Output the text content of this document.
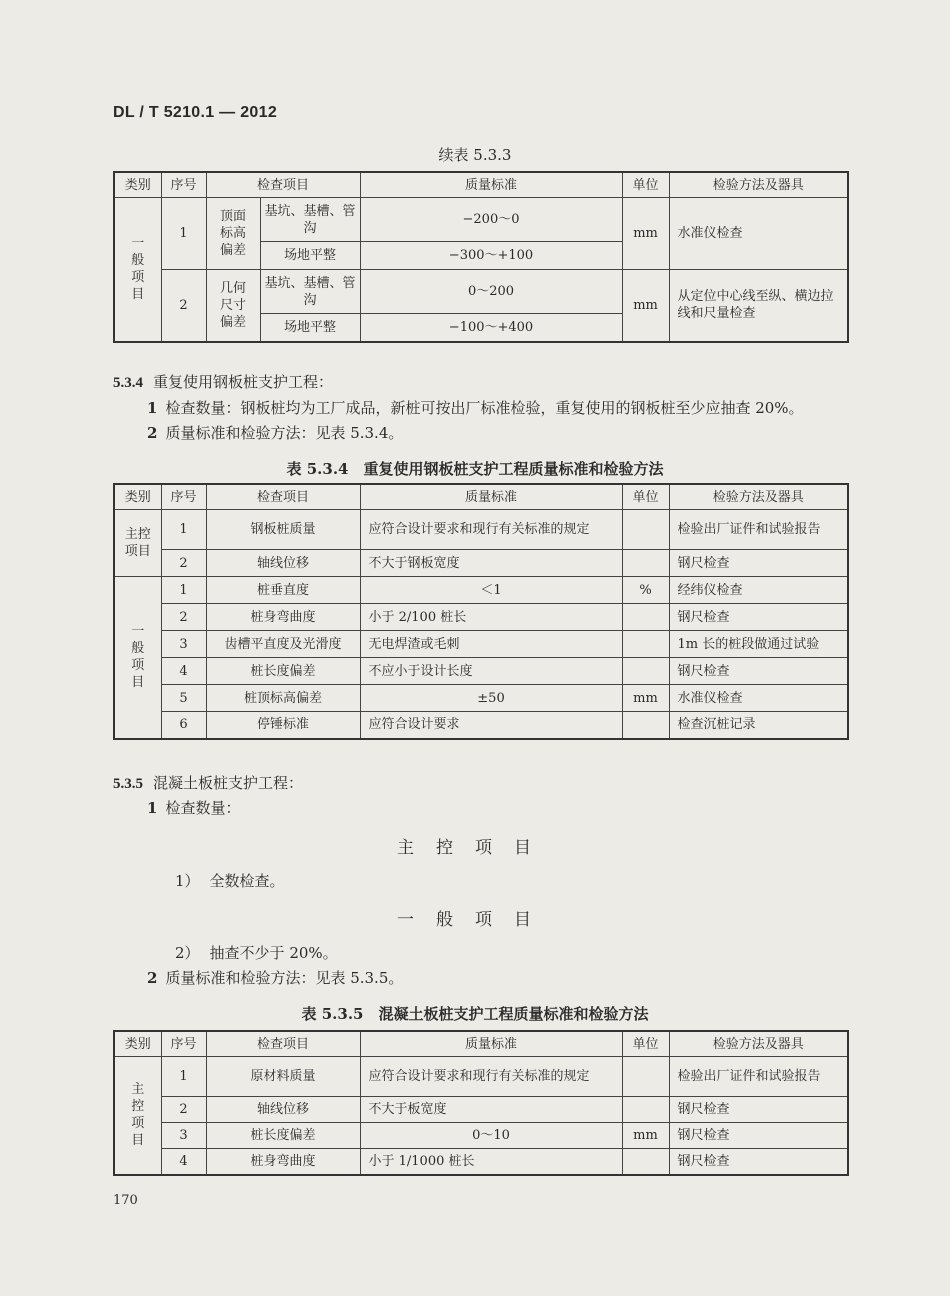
DL / T 5210.1 — 2012
续表 5.3.3
类别	序号	检查项目		质量标准	单位	检验方法及器具

一般项目	1	顶面标高偏差	基坑、基槽、管沟	−200～0	mm	水准仪检查
			场地平整	−300～+100		
	2	几何尺寸偏差	基坑、基槽、管沟	0～200	mm	从定位中心线至纵、横边拉线和尺量检查
			场地平整	−100～+400		
5.3.4 重复使用钢板桩支护工程：
1 检查数量：钢板桩均为工厂成品，新桩可按出厂标准检验，重复使用的钢板桩至少应抽查 20%。
2 质量标准和检验方法：见表 5.3.4。
表 5.3.4　重复使用钢板桩支护工程质量标准和检验方法
类别	序号	检查项目	质量标准	单位	检验方法及器具

主控项目	1	钢板桩质量	应符合设计要求和现行有关标准的规定		检验出厂证件和试验报告
	2	轴线位移	不大于钢板宽度		钢尺检查

一般项目	1	桩垂直度	＜1	%	经纬仪检查
	2	桩身弯曲度	小于 2/100 桩长		钢尺检查
	3	齿槽平直度及光滑度	无电焊渣或毛刺		1m 长的桩段做通过试验
	4	桩长度偏差	不应小于设计长度		钢尺检查
	5	桩顶标高偏差	±50	mm	水准仪检查
	6	停锤标准	应符合设计要求		检查沉桩记录
5.3.5 混凝土板桩支护工程：
1 检查数量：
主控项目
1） 全数检查。
一般项目
2） 抽查不少于 20%。
2 质量标准和检验方法：见表 5.3.5。
表 5.3.5　混凝土板桩支护工程质量标准和检验方法
类别	序号	检查项目	质量标准	单位	检验方法及器具

主控项目	1	原材料质量	应符合设计要求和现行有关标准的规定		检验出厂证件和试验报告
	2	轴线位移	不大于板宽度		钢尺检查
	3	桩长度偏差	0～10	mm	钢尺检查
	4	桩身弯曲度	小于 1/1000 桩长		钢尺检查
170
